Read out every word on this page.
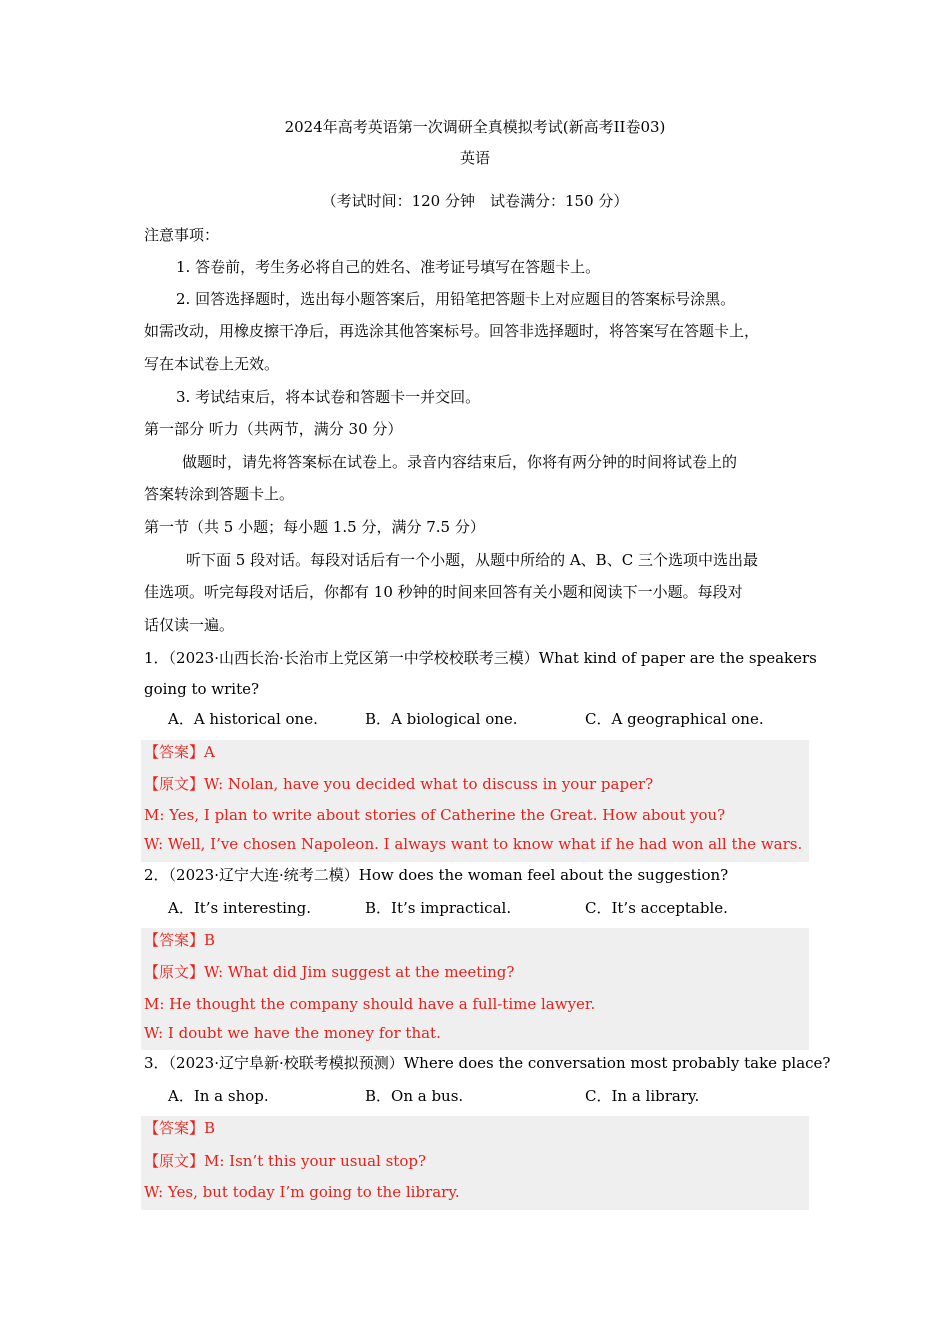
2024年高考英语第一次调研全真模拟考试(新高考II卷03)
英语
（考试时间：120 分钟　试卷满分：150 分）
注意事项：
1. 答卷前，考生务必将自己的姓名、准考证号填写在答题卡上。
2. 回答选择题时，选出每小题答案后，用铅笔把答题卡上对应题目的答案标号涂黑。
如需改动，用橡皮擦干净后，再选涂其他答案标号。回答非选择题时，将答案写在答题卡上，
写在本试卷上无效。
3. 考试结束后，将本试卷和答题卡一并交回。
第一部分 听力（共两节，满分 30 分）
做题时，请先将答案标在试卷上。录音内容结束后，你将有两分钟的时间将试卷上的
答案转涂到答题卡上。
第一节（共 5 小题；每小题 1.5 分，满分 7.5 分）
听下面 5 段对话。每段对话后有一个小题，从题中所给的 A、B、C 三个选项中选出最
佳选项。听完每段对话后，你都有 10 秒钟的时间来回答有关小题和阅读下一小题。每段对
话仅读一遍。
1．（2023·山西长治·长治市上党区第一中学校校联考三模）What kind of paper are the speakers
going to write?
A．A historical one.	B．A biological one.	C．A geographical one.
【答案】A
【原文】W: Nolan, have you decided what to discuss in your paper?
M: Yes, I plan to write about stories of Catherine the Great. How about you?
W: Well, I’ve chosen Napoleon. I always want to know what if he had won all the wars.
2．（2023·辽宁大连·统考二模）How does the woman feel about the suggestion?
A．It’s interesting.	B．It’s impractical.	C．It’s acceptable.
【答案】B
【原文】W: What did Jim suggest at the meeting?
M: He thought the company should have a full-time lawyer.
W: I doubt we have the money for that.
3．（2023·辽宁阜新·校联考模拟预测）Where does the conversation most probably take place?
A．In a shop.	B．On a bus.	C．In a library.
【答案】B
【原文】M: Isn’t this your usual stop?
W: Yes, but today I’m going to the library.
